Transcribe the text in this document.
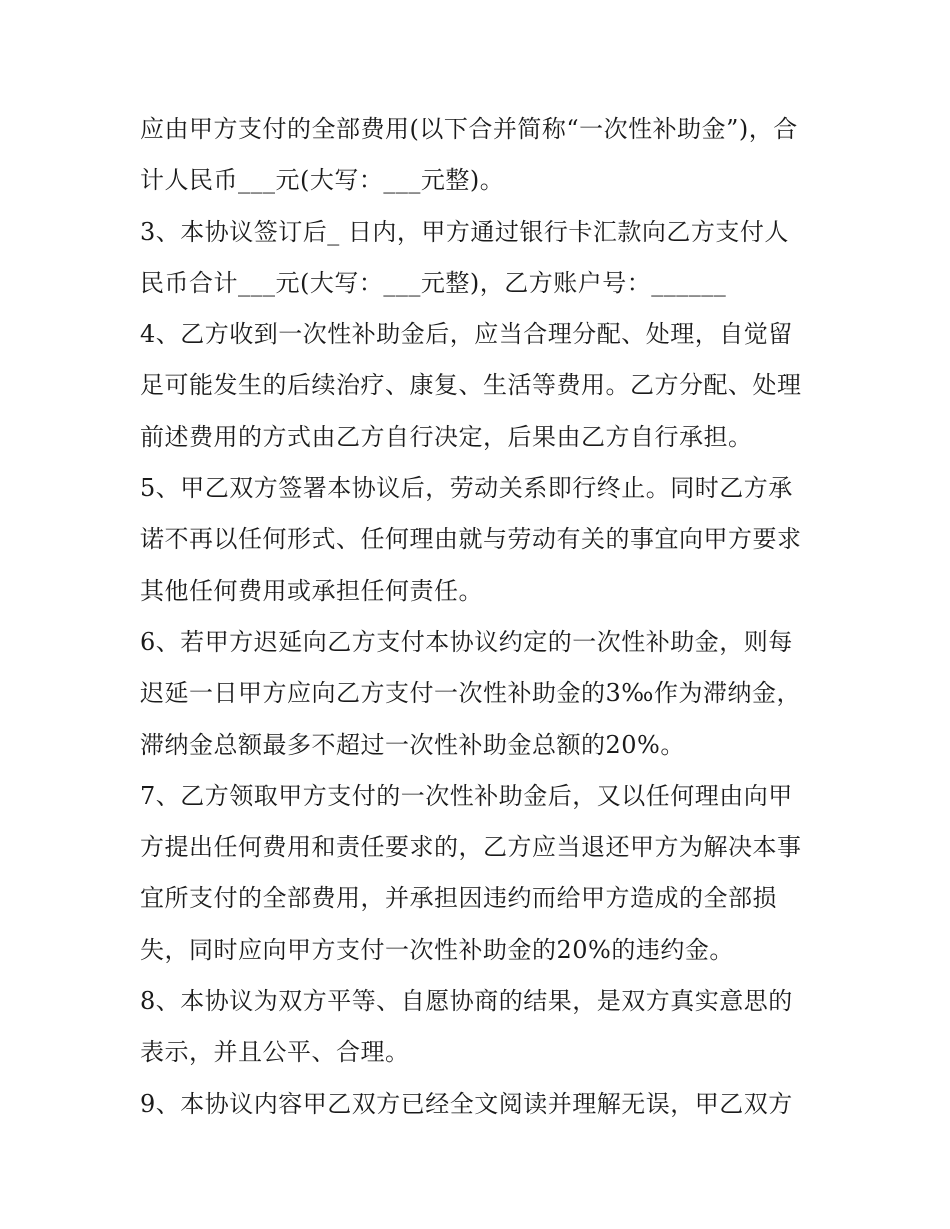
应由甲方支付的全部费用(以下合并简称“一次性补助金”)，合
计人民币___元(大写：___元整)。
3、本协议签订后_ 日内，甲方通过银行卡汇款向乙方支付人
民币合计___元(大写：___元整)，乙方账户号：______
4、乙方收到一次性补助金后，应当合理分配、处理，自觉留
足可能发生的后续治疗、康复、生活等费用。乙方分配、处理
前述费用的方式由乙方自行决定，后果由乙方自行承担。
5、甲乙双方签署本协议后，劳动关系即行终止。同时乙方承
诺不再以任何形式、任何理由就与劳动有关的事宜向甲方要求
其他任何费用或承担任何责任。
6、若甲方迟延向乙方支付本协议约定的一次性补助金，则每
迟延一日甲方应向乙方支付一次性补助金的3‰作为滞纳金，
滞纳金总额最多不超过一次性补助金总额的20%。
7、乙方领取甲方支付的一次性补助金后，又以任何理由向甲
方提出任何费用和责任要求的，乙方应当退还甲方为解决本事
宜所支付的全部费用，并承担因违约而给甲方造成的全部损
失，同时应向甲方支付一次性补助金的20%的违约金。
8、本协议为双方平等、自愿协商的结果，是双方真实意思的
表示，并且公平、合理。
9、本协议内容甲乙双方已经全文阅读并理解无误，甲乙双方
